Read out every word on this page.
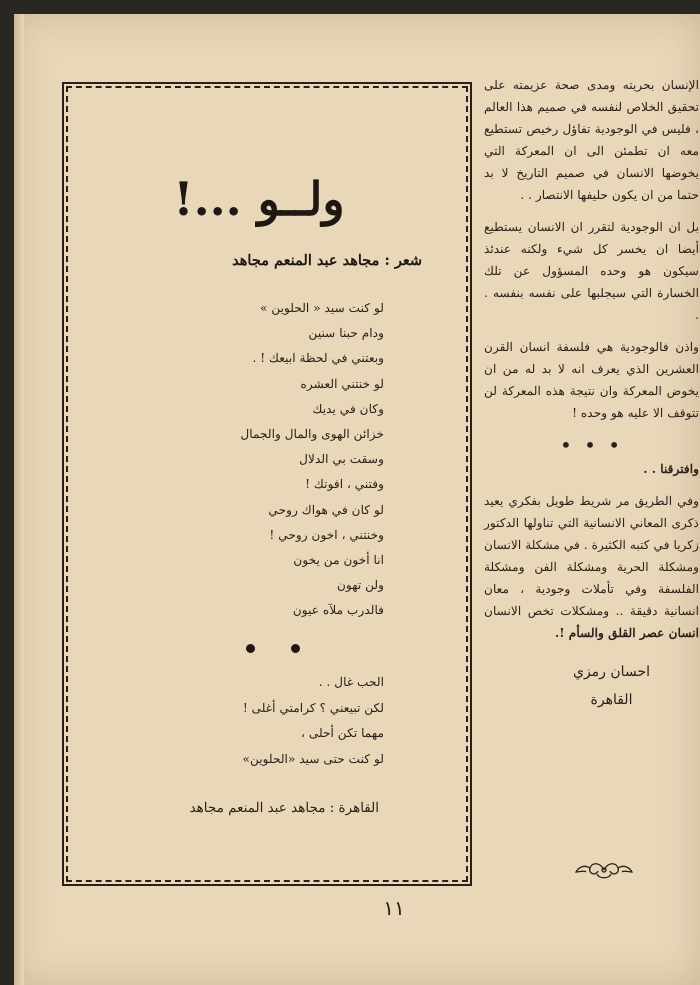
الإنسان بحريته ومدى صحة عزيمته على تحقيق الخلاص لنفسه في صميم هذا العالم ، فليس في الوجودية تفاؤل رخيص تستطيع معه ان تطمئن الى ان المعركة التي يخوضها الانسان في صميم التاريخ لا بد حتما من ان يكون حليفها الانتصار . .

بل ان الوجودية لتقرر ان الانسان يستطيع أيضا ان يخسر كل شيء ولكنه عندئذ سيكون هو وحده المسؤول عن تلك الخسارة التي سيجلبها على نفسه بنفسه . .

واذن فالوجودية هي فلسفة انسان القرن العشرين الذي يعرف انه لا بد له من ان يخوض المعركة وان نتيجة هذه المعركة لن تتوقف الا عليه هو وحده !

• • •
وافترقنا . .

وفي الطريق مر شريط طويل بفكري يعيد ذكرى المعاني الانسانية التي تناولها الدكتور زكريا في كتبه الكثيرة . في مشكلة الانسان ومشكلة الحرية ومشكلة الفن ومشكلة الفلسفة وفي تأملات وجودية ، معان انسانية دقيقة .. ومشكلات تخص الانسان انسان عصر القلق والسأم !.

احسان رمزي
القاهرة
ولــو ...!
شعر : مجاهد عبد المنعم مجاهد
لو كنت سيد « الحلوين »
ودام حبنا سنين
وبعتني في لحظة ابيعك ! .
لو خنتني العشره
وكان في يديك
خزائن الهوى والمال والجمال
وسقت بي الدلال
وفتني ، افوتك !
لو كان في هواك روحي
وخنتني ، اخون روحي !
انا أخون من يخون
ولن تهون
فالدرب ملآه عيون
الحب غال . .
لكن تبيعني ؟ كرامتي أغلى !
مهما تكن أحلى ،
لو كنت حتى سيد «الحلوين»
القاهرة : مجاهد عبد المنعم مجاهد
١١
